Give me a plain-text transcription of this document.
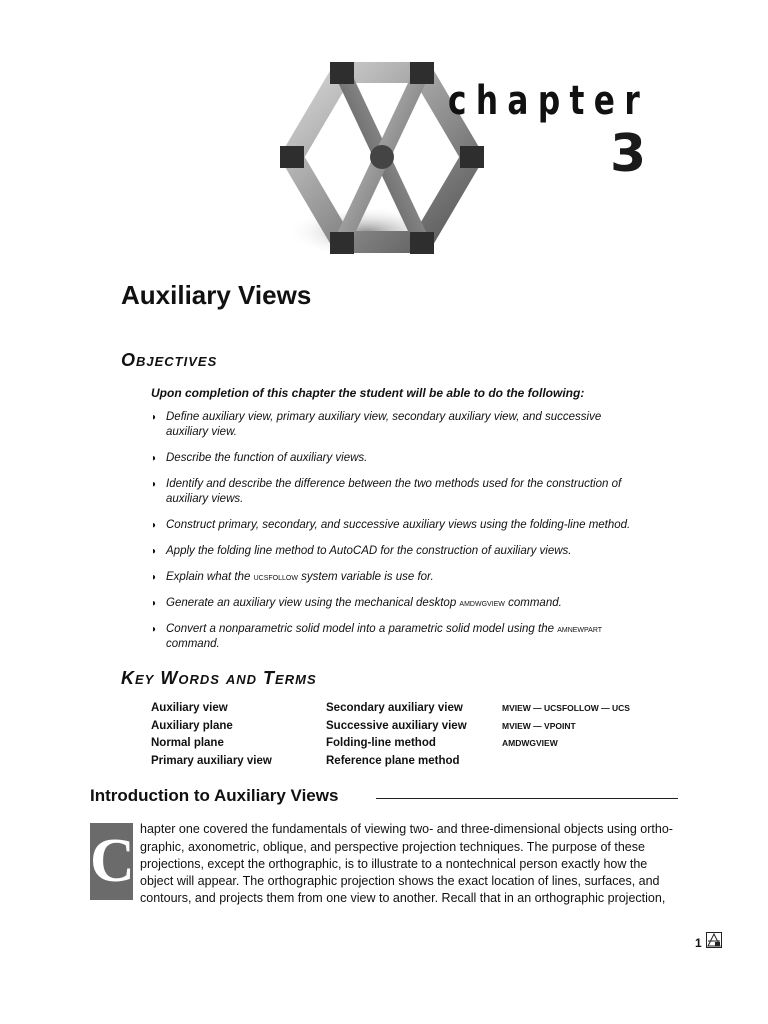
chapter
3
Auxiliary Views
Objectives
Upon completion of this chapter the student will be able to do the following:
◗ Define auxiliary view, primary auxiliary view, secondary auxiliary view, and successive
auxiliary view.
◗ Describe the function of auxiliary views.
◗ Identify and describe the difference between the two methods used for the construction of
auxiliary views.
◗ Construct primary, secondary, and successive auxiliary views using the folding-line method.
◗ Apply the folding line method to AutoCAD for the construction of auxiliary views.
◗ Explain what the ucsfollow system variable is use for.
◗ Generate an auxiliary view using the mechanical desktop amdwgview command.
◗ Convert a nonparametric solid model into a parametric solid model using the amnewpart
command.
Key Words and Terms
Auxiliary view
Auxiliary plane
Normal plane
Primary auxiliary view
Secondary auxiliary view
Successive auxiliary view
Folding-line method
Reference plane method
MVIEW — UCSFOLLOW — UCS
MVIEW — VPOINT
AMDWGVIEW
Introduction to Auxiliary Views
C hapter one covered the fundamentals of viewing two- and three-dimensional objects using ortho-
graphic, axonometric, oblique, and perspective projection techniques. The purpose of these
projections, except the orthographic, is to illustrate to a nontechnical person exactly how the
object will appear. The orthographic projection shows the exact location of lines, surfaces, and
contours, and projects them from one view to another. Recall that in an orthographic projection,
1
